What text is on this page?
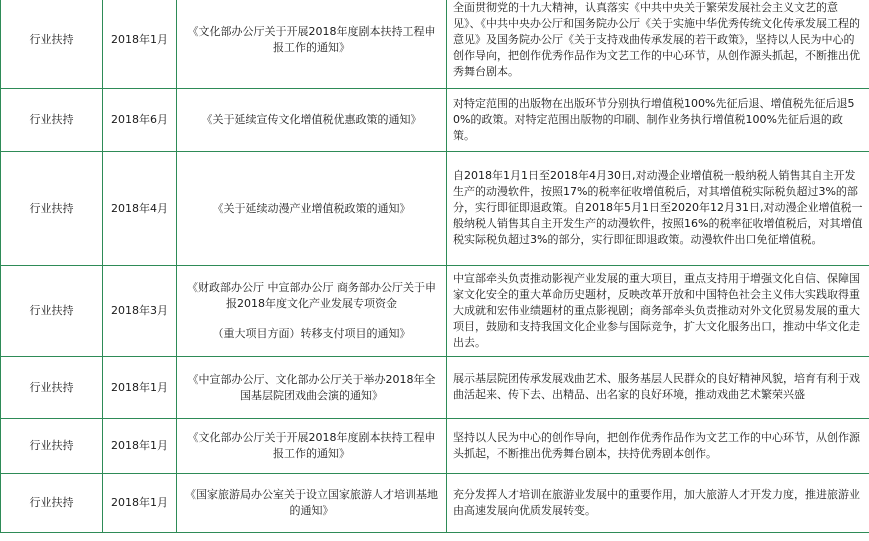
行业扶持	2018年1月	《文化部办公厅关于开展2018年度剧本扶持工程申报工作的通知》	全面贯彻党的十九大精神，认真落实《中共中央关于繁荣发展社会主义文艺的意见》、《中共中央办公厅和国务院办公厅《关于实施中华优秀传统文化传承发展工程的意见》及国务院办公厅《关于支持戏曲传承发展的若干政策》，坚持以人民为中心的创作导向，把创作优秀作品作为文艺工作的中心环节，从创作源头抓起，不断推出优秀舞台剧本。
行业扶持	2018年6月	《关于延续宣传文化增值税优惠政策的通知》	对特定范围的出版物在出版环节分别执行增值税100%先征后退、增值税先征后退50%的政策。对特定范围出版物的印刷、制作业务执行增值税100%先征后退的政策。
行业扶持	2018年4月	《关于延续动漫产业增值税政策的通知》	自2018年1月1日至2018年4月30日,对动漫企业增值税一般纳税人销售其自主开发生产的动漫软件，按照17%的税率征收增值税后，对其增值税实际税负超过3%的部分，实行即征即退政策。自2018年5月1日至2020年12月31日,对动漫企业增值税一般纳税人销售其自主开发生产的动漫软件，按照16%的税率征收增值税后，对其增值税实际税负超过3%的部分，实行即征即退政策。动漫软件出口免征增值税。
行业扶持	2018年3月	《财政部办公厅 中宣部办公厅 商务部办公厅关于申报2018年度文化产业发展专项资金
（重大项目方面）转移支付项目的通知》	中宣部牵头负责推动影视产业发展的重大项目，重点支持用于增强文化自信、保障国家文化安全的重大革命历史题材，反映改革开放和中国特色社会主义伟大实践取得重大成就和宏伟业绩题材的重点影视剧；商务部牵头负责推动对外文化贸易发展的重大项目，鼓励和支持我国文化企业参与国际竞争，扩大文化服务出口，推动中华文化走出去。
行业扶持	2018年1月	《中宣部办公厅、文化部办公厅关于举办2018年全国基层院团戏曲会演的通知》	展示基层院团传承发展戏曲艺术、服务基层人民群众的良好精神风貌，培育有利于戏曲活起来、传下去、出精品、出名家的良好环境，推动戏曲艺术繁荣兴盛
行业扶持	2018年1月	《文化部办公厅关于开展2018年度剧本扶持工程申报工作的通知》	坚持以人民为中心的创作导向，把创作优秀作品作为文艺工作的中心环节，从创作源头抓起，不断推出优秀舞台剧本，扶持优秀剧本创作。
行业扶持	2018年1月	《国家旅游局办公室关于设立国家旅游人才培训基地的通知》	充分发挥人才培训在旅游业发展中的重要作用，加大旅游人才开发力度，推进旅游业由高速发展向优质发展转变。
